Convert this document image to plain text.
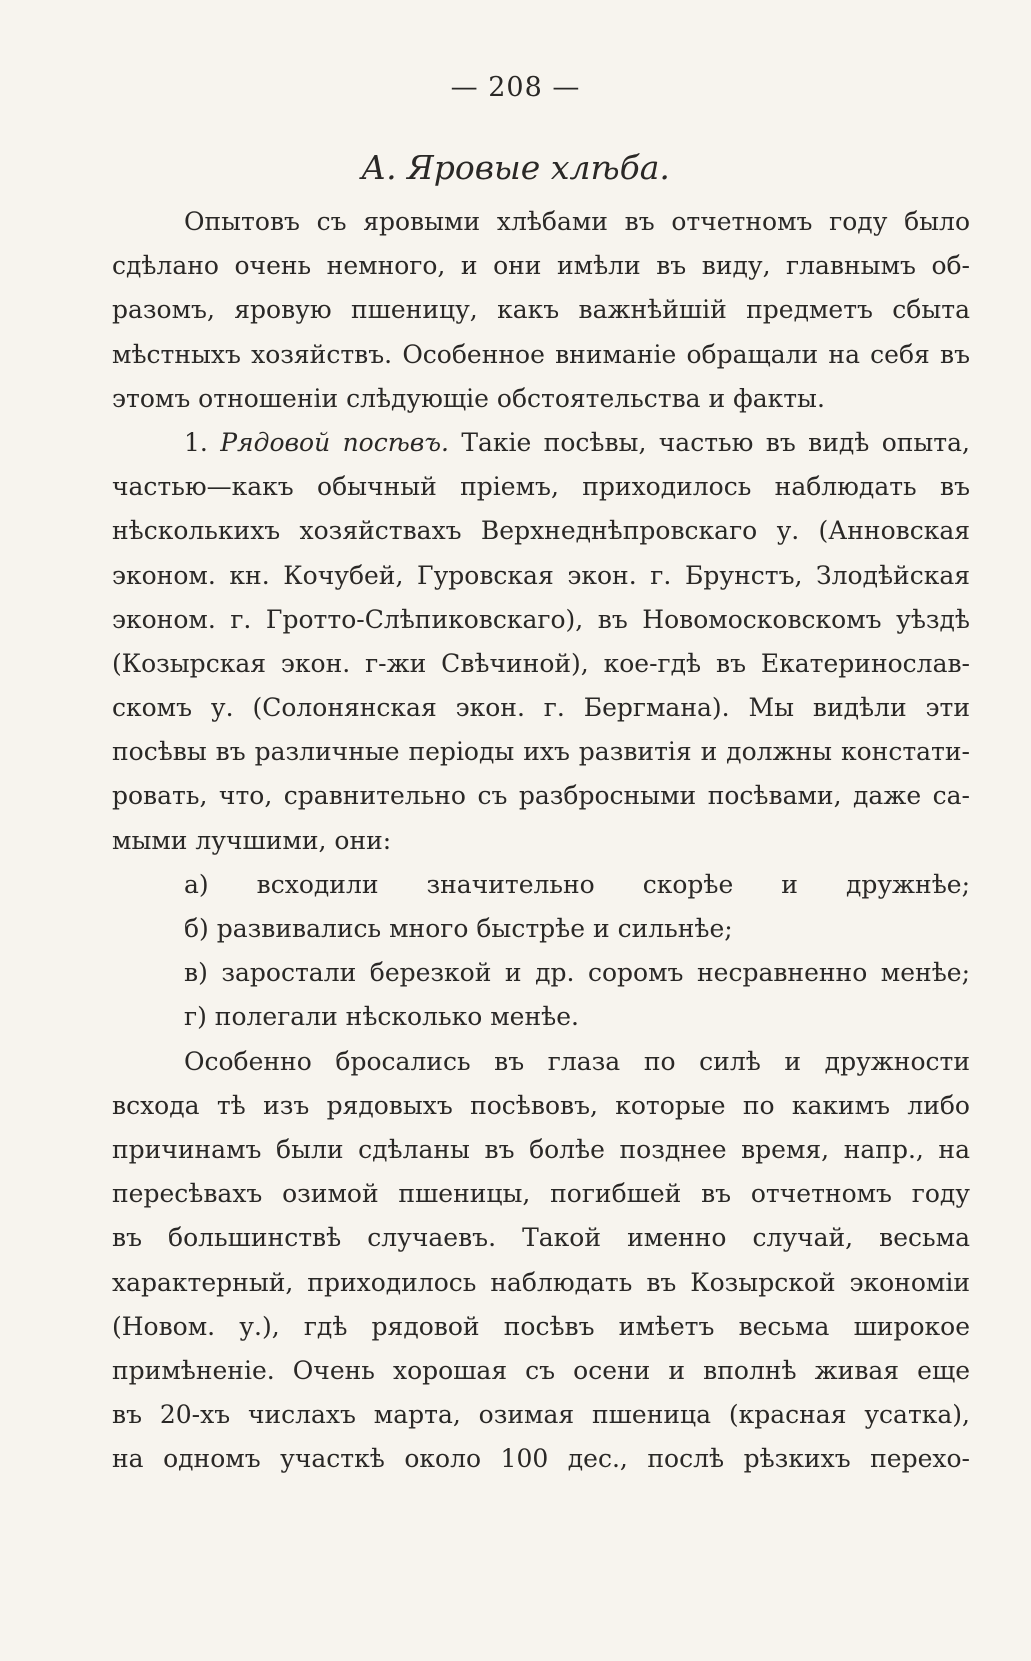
— 208 —
А. Яровые хлѣба.
Опытовъ съ яровыми хлѣбами въ отчетномъ году было
сдѣлано очень немного, и они имѣли въ виду, главнымъ об-
разомъ, яровую пшеницу, какъ важнѣйшій предметъ сбыта
мѣстныхъ хозяйствъ. Особенное вниманіе обращали на себя въ
этомъ отношеніи слѣдующіе обстоятельства и факты.
1. Рядовой посѣвъ. Такіе посѣвы, частью въ видѣ опыта,
частью—какъ обычный пріемъ, приходилось наблюдать въ
нѣсколькихъ хозяйствахъ Верхнеднѣпровскаго у. (Анновская
эконом. кн. Кочубей, Гуровская экон. г. Брунстъ, Злодѣйская
эконом. г. Гротто-Слѣпиковскаго), въ Новомосковскомъ уѣздѣ
(Козырская экон. г-жи Свѣчиной), кое-гдѣ въ Екатеринослав-
скомъ у. (Солонянская экон. г. Бергмана). Мы видѣли эти
посѣвы въ различные періоды ихъ развитія и должны констати-
ровать, что, сравнительно съ разбросными посѣвами, даже са-
мыми лучшими, они:
а) всходили значительно скорѣе и дружнѣе;
б) развивались много быстрѣе и сильнѣе;
в) заростали березкой и др. соромъ несравненно менѣе;
г) полегали нѣсколько менѣе.
Особенно бросались въ глаза по силѣ и дружности
всхода тѣ изъ рядовыхъ посѣвовъ, которые по какимъ либо
причинамъ были сдѣланы въ болѣе позднее время, напр., на
пересѣвахъ озимой пшеницы, погибшей въ отчетномъ году
въ большинствѣ случаевъ. Такой именно случай, весьма
характерный, приходилось наблюдать въ Козырской экономіи
(Новом. у.), гдѣ рядовой посѣвъ имѣетъ весьма широкое
примѣненіе. Очень хорошая съ осени и вполнѣ живая еще
въ 20-хъ числахъ марта, озимая пшеница (красная усатка),
на одномъ участкѣ около 100 дес., послѣ рѣзкихъ перехо-
